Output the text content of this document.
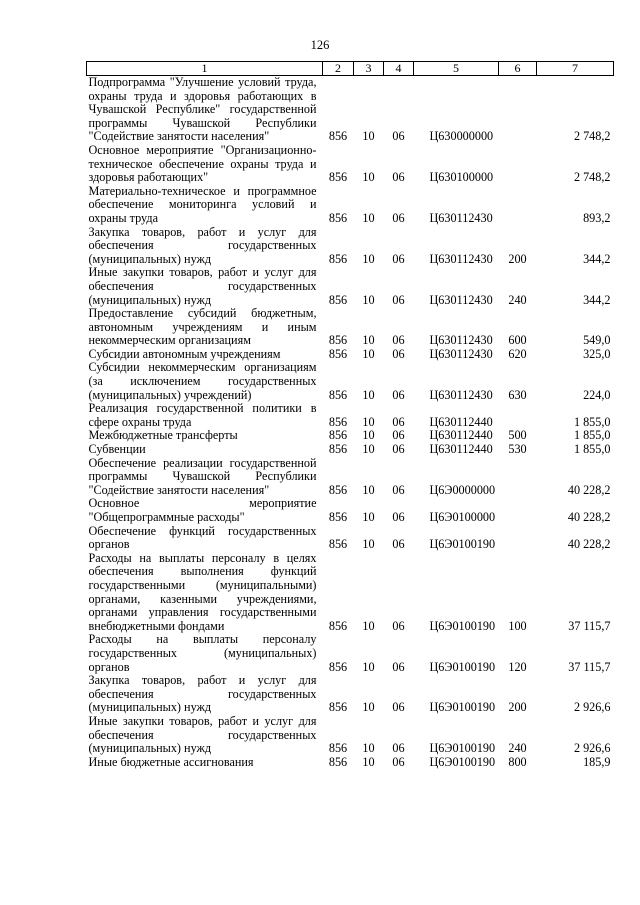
126
1	2	3	4	5	6	7
Подпрограмма "Улучшение условий труда, охраны труда и здоровья работающих в Чувашской Республике" государственной программы Чувашской Республики "Содействие занятости населения"	856	10	06	Ц630000000		2 748,2
Основное мероприятие "Организационно-техническое обеспечение охраны труда и здоровья работающих"	856	10	06	Ц630100000		2 748,2
Материально-техническое и программное обеспечение мониторинга условий и охраны труда	856	10	06	Ц630112430		893,2
Закупка товаров, работ и услуг для обеспечения государственных (муниципальных) нужд	856	10	06	Ц630112430	200	344,2
Иные закупки товаров, работ и услуг для обеспечения государственных (муниципальных) нужд	856	10	06	Ц630112430	240	344,2
Предоставление субсидий бюджетным, автономным учреждениям и иным некоммерческим организациям	856	10	06	Ц630112430	600	549,0
Субсидии автономным учреждениям	856	10	06	Ц630112430	620	325,0
Субсидии некоммерческим организациям (за исключением государственных (муниципальных) учреждений)	856	10	06	Ц630112430	630	224,0
Реализация государственной политики в сфере охраны труда	856	10	06	Ц630112440		1 855,0
Межбюджетные трансферты	856	10	06	Ц630112440	500	1 855,0
Субвенции	856	10	06	Ц630112440	530	1 855,0
Обеспечение реализации государственной программы Чувашской Республики "Содействие занятости населения"	856	10	06	Ц6Э0000000		40 228,2
Основное мероприятие "Общепрограммные расходы"	856	10	06	Ц6Э0100000		40 228,2
Обеспечение функций государственных органов	856	10	06	Ц6Э0100190		40 228,2
Расходы на выплаты персоналу в целях обеспечения выполнения функций государственными (муниципальными) органами, казенными учреждениями, органами управления государственными внебюджетными фондами	856	10	06	Ц6Э0100190	100	37 115,7
Расходы на выплаты персоналу государственных (муниципальных) органов	856	10	06	Ц6Э0100190	120	37 115,7
Закупка товаров, работ и услуг для обеспечения государственных (муниципальных) нужд	856	10	06	Ц6Э0100190	200	2 926,6
Иные закупки товаров, работ и услуг для обеспечения государственных (муниципальных) нужд	856	10	06	Ц6Э0100190	240	2 926,6
Иные бюджетные ассигнования	856	10	06	Ц6Э0100190	800	185,9
